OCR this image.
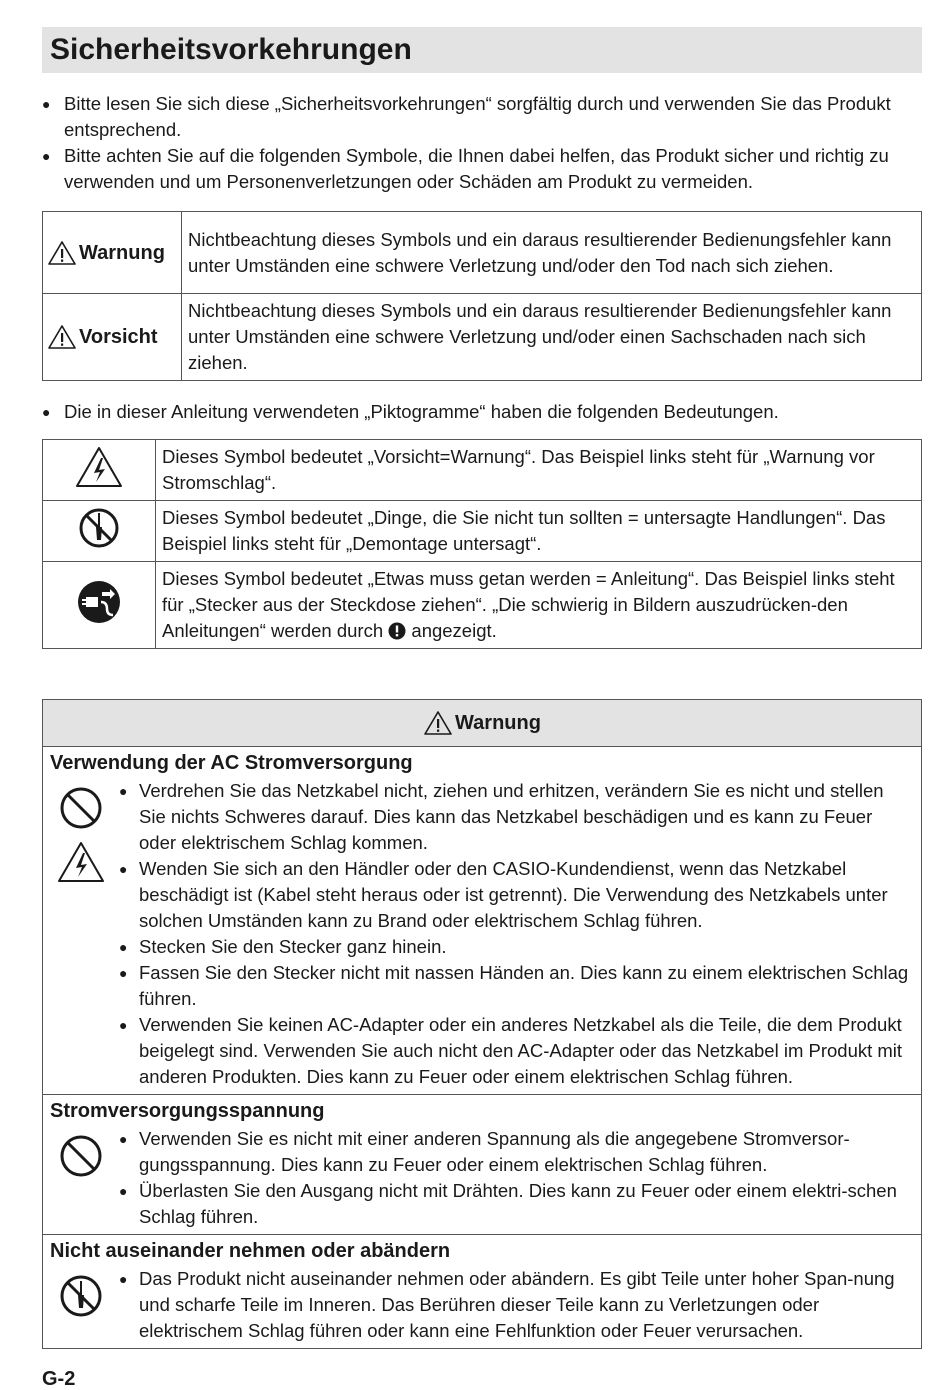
Sicherheitsvorkehrungen
● Bitte lesen Sie sich diese „Sicherheitsvorkehrungen“ sorgfältig durch und verwenden Sie das Produkt entsprechend.
● Bitte achten Sie auf die folgenden Symbole, die Ihnen dabei helfen, das Produkt sicher und richtig zu verwenden und um Personenverletzungen oder Schäden am Produkt zu vermeiden.
Warnung	Nichtbeachtung dieses Symbols und ein daraus resultierender Bedienungsfehler kann unter Umständen eine schwere Verletzung und/oder den Tod nach sich ziehen.

Vorsicht	Nichtbeachtung dieses Symbols und ein daraus resultierender Bedienungsfehler kann unter Umständen eine schwere Verletzung und/oder einen Sachschaden nach sich ziehen.
● Die in dieser Anleitung verwendeten „Piktogramme“ haben die folgenden Bedeutungen.
	Dieses Symbol bedeutet „Vorsicht=Warnung“. Das Beispiel links steht für „Warnung vor Stromschlag“.
	Dieses Symbol bedeutet „Dinge, die Sie nicht tun sollten = untersagte Handlungen“. Das Beispiel links steht für „Demontage untersagt“.
	Dieses Symbol bedeutet „Etwas muss getan werden = Anleitung“. Das Beispiel links steht für „Stecker aus der Steckdose ziehen“. „Die schwierig in Bildern auszudrücken-den Anleitungen“ werden durch angezeigt.
Warnung
Verwendung der AC Stromversorgung
● Verdrehen Sie das Netzkabel nicht, ziehen und erhitzen, verändern Sie es nicht und stellen Sie nichts Schweres darauf. Dies kann das Netzkabel beschädigen und es kann zu Feuer oder elektrischem Schlag kommen.
● Wenden Sie sich an den Händler oder den CASIO-Kundendienst, wenn das Netzkabel beschädigt ist (Kabel steht heraus oder ist getrennt). Die Verwendung des Netzkabels unter solchen Umständen kann zu Brand oder elektrischem Schlag führen.
● Stecken Sie den Stecker ganz hinein.
● Fassen Sie den Stecker nicht mit nassen Händen an. Dies kann zu einem elektrischen Schlag führen.
● Verwenden Sie keinen AC-Adapter oder ein anderes Netzkabel als die Teile, die dem Produkt beigelegt sind. Verwenden Sie auch nicht den AC-Adapter oder das Netzkabel im Produkt mit anderen Produkten. Dies kann zu Feuer oder einem elektrischen Schlag führen.
Stromversorgungsspannung
● Verwenden Sie es nicht mit einer anderen Spannung als die angegebene Stromversor-gungsspannung. Dies kann zu Feuer oder einem elektrischen Schlag führen.
● Überlasten Sie den Ausgang nicht mit Drähten. Dies kann zu Feuer oder einem elektri-schen Schlag führen.
Nicht auseinander nehmen oder abändern
● Das Produkt nicht auseinander nehmen oder abändern. Es gibt Teile unter hoher Span-nung und scharfe Teile im Inneren. Das Berühren dieser Teile kann zu Verletzungen oder elektrischem Schlag führen oder kann eine Fehlfunktion oder Feuer verursachen.
G-2
